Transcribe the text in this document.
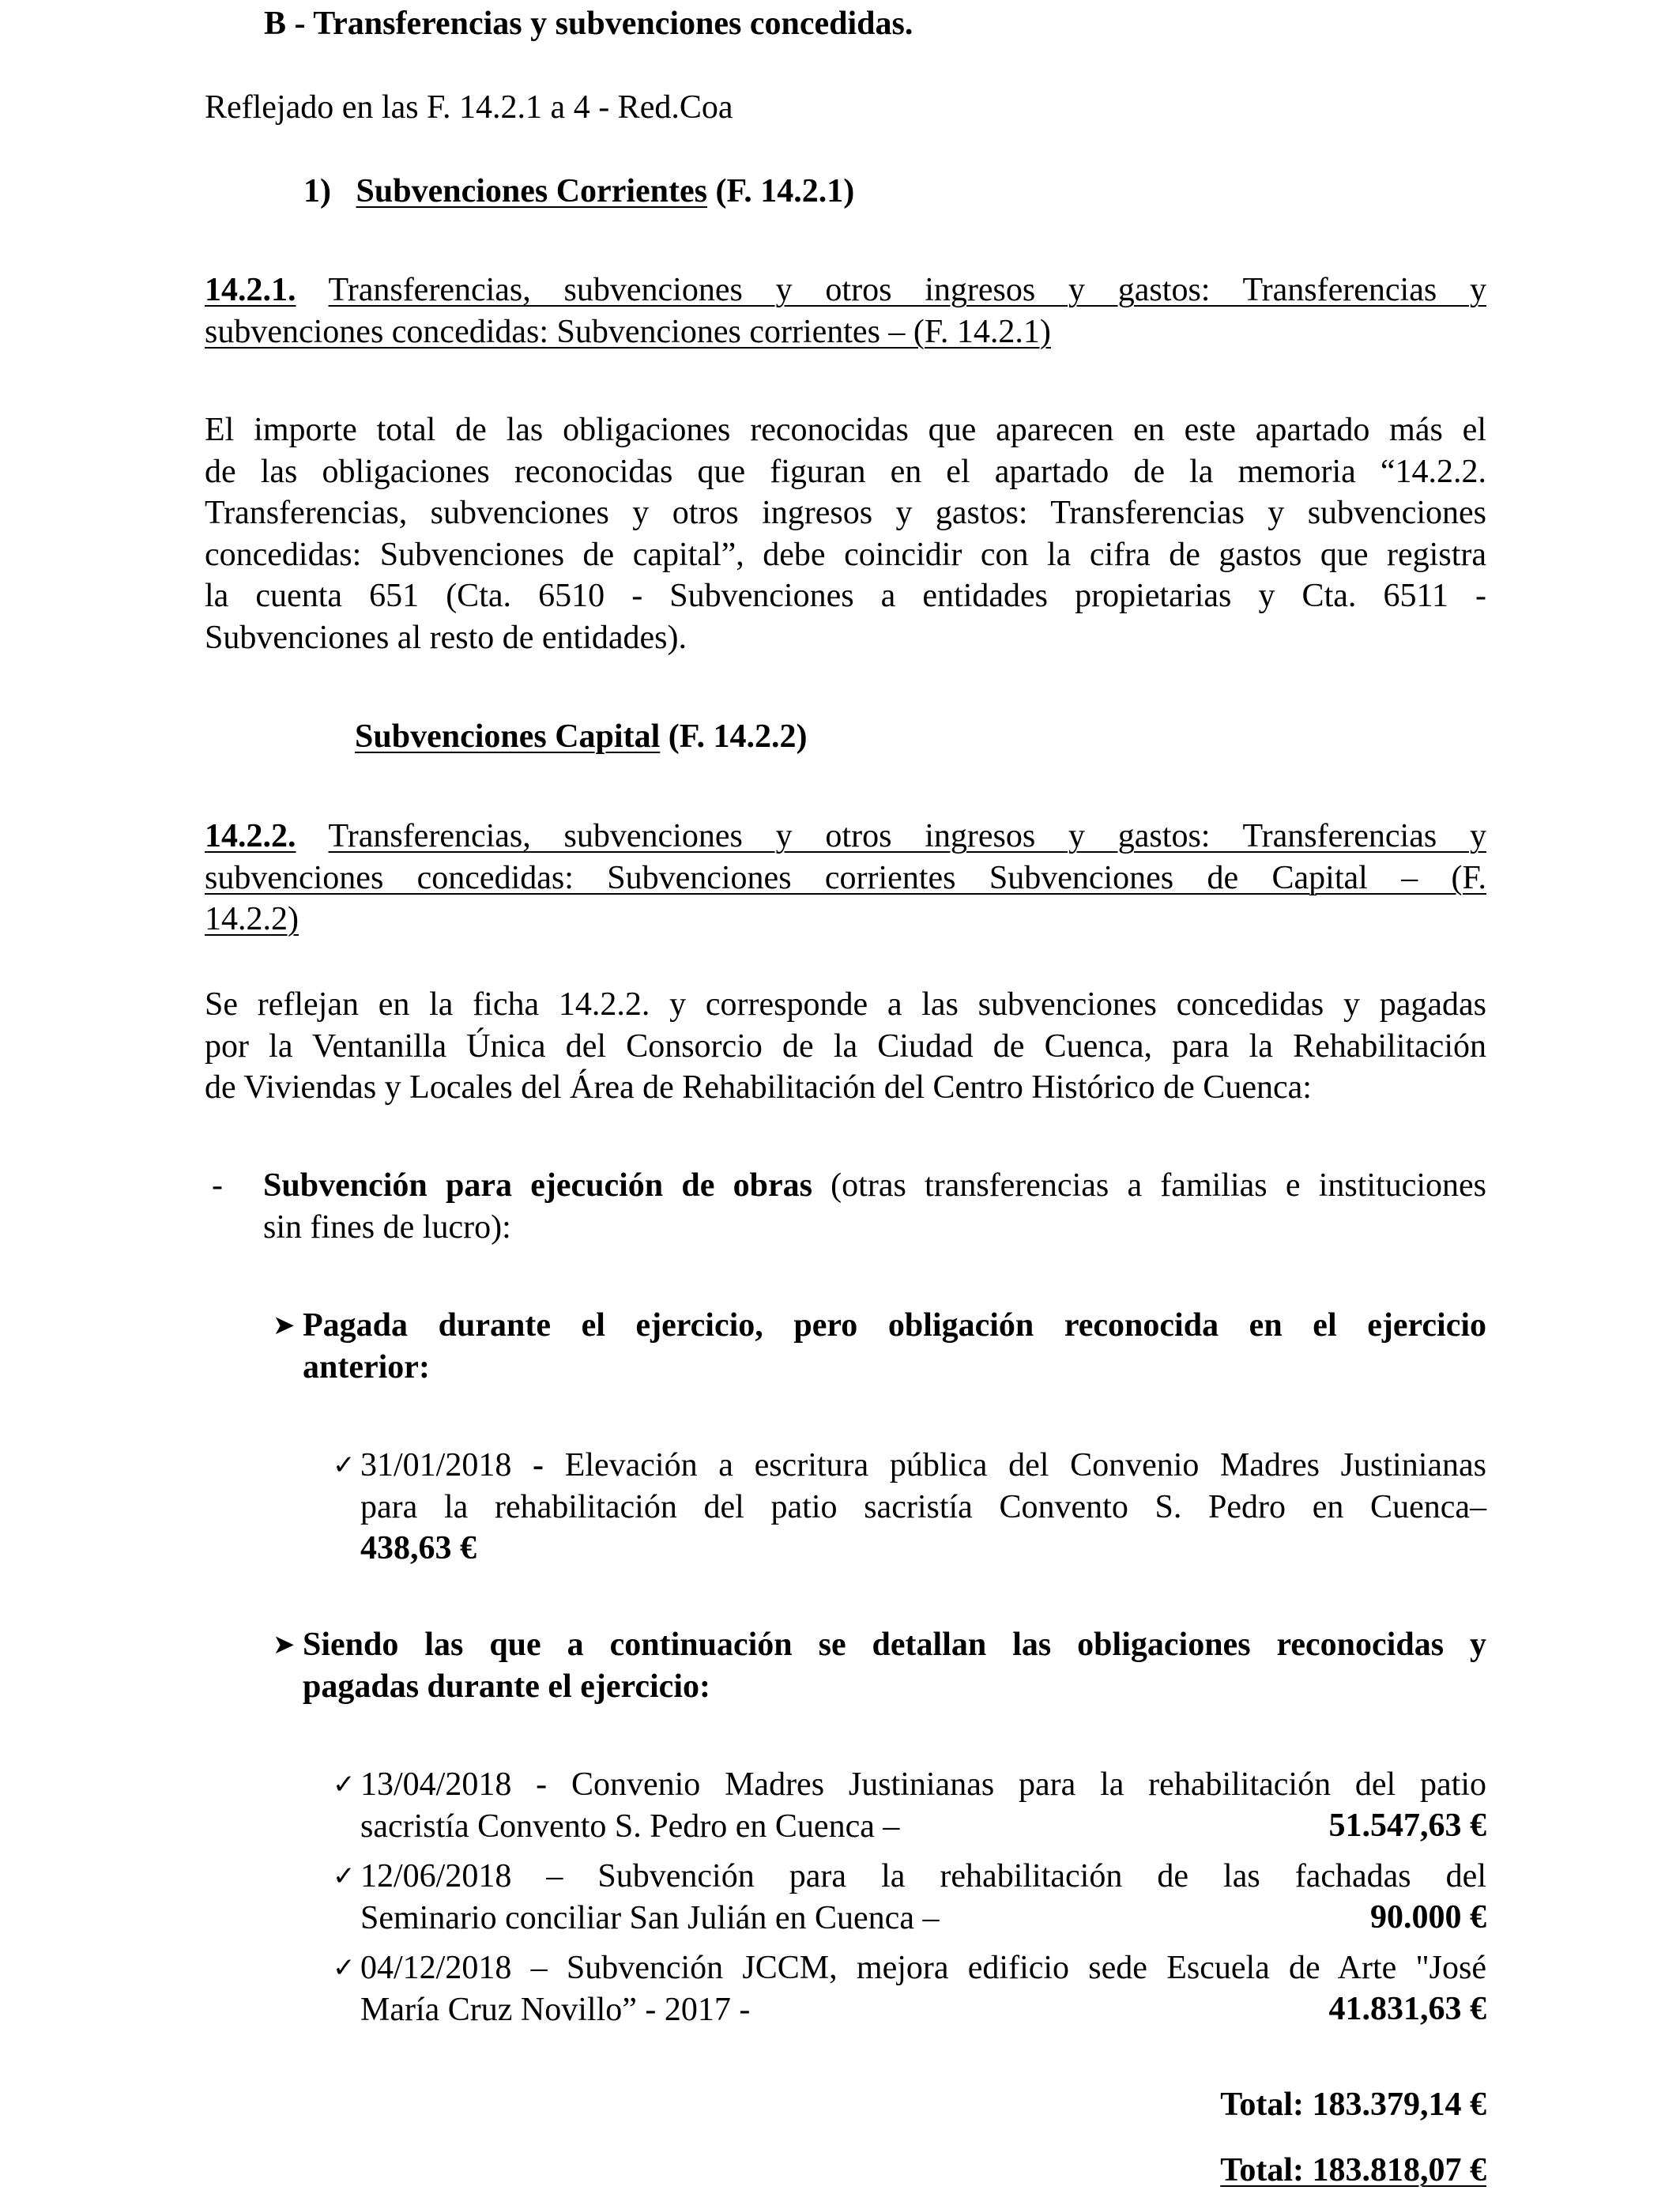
B - Transferencias y subvenciones concedidas.
Reflejado en las F. 14.2.1 a 4 - Red.Coa
1) Subvenciones Corrientes (F. 14.2.1)
14.2.1. Transferencias, subvenciones y otros ingresos y gastos: Transferencias y
subvenciones concedidas: Subvenciones corrientes – (F. 14.2.1)
El importe total de las obligaciones reconocidas que aparecen en este apartado más el
de las obligaciones reconocidas que figuran en el apartado de la memoria “14.2.2.
Transferencias, subvenciones y otros ingresos y gastos: Transferencias y subvenciones
concedidas: Subvenciones de capital”, debe coincidir con la cifra de gastos que registra
la cuenta 651 (Cta. 6510 - Subvenciones a entidades propietarias y Cta. 6511 -
Subvenciones al resto de entidades).
Subvenciones Capital (F. 14.2.2)
14.2.2. Transferencias, subvenciones y otros ingresos y gastos: Transferencias y
subvenciones concedidas: Subvenciones corrientes Subvenciones de Capital – (F.
14.2.2)
Se reflejan en la ficha 14.2.2. y corresponde a las subvenciones concedidas y pagadas
por la Ventanilla Única del Consorcio de la Ciudad de Cuenca, para la Rehabilitación
de Viviendas y Locales del Área de Rehabilitación del Centro Histórico de Cuenca:
- Subvención para ejecución de obras (otras transferencias a familias e instituciones
sin fines de lucro):
➤ Pagada durante el ejercicio, pero obligación reconocida en el ejercicio
anterior:
✓ 31/01/2018 - Elevación a escritura pública del Convenio Madres Justinianas
para la rehabilitación del patio sacristía Convento S. Pedro en Cuenca–
438,63 €
➤ Siendo las que a continuación se detallan las obligaciones reconocidas y
pagadas durante el ejercicio:
✓ 13/04/2018 - Convenio Madres Justinianas para la rehabilitación del patio
sacristía Convento S. Pedro en Cuenca –	51.547,63 €
✓ 12/06/2018 – Subvención para la rehabilitación de las fachadas del
Seminario conciliar San Julián en Cuenca –	90.000 €
✓ 04/12/2018 – Subvención JCCM, mejora edificio sede Escuela de Arte "José
María Cruz Novillo” - 2017 -	41.831,63 €
Total: 183.379,14 €
Total: 183.818,07 €
